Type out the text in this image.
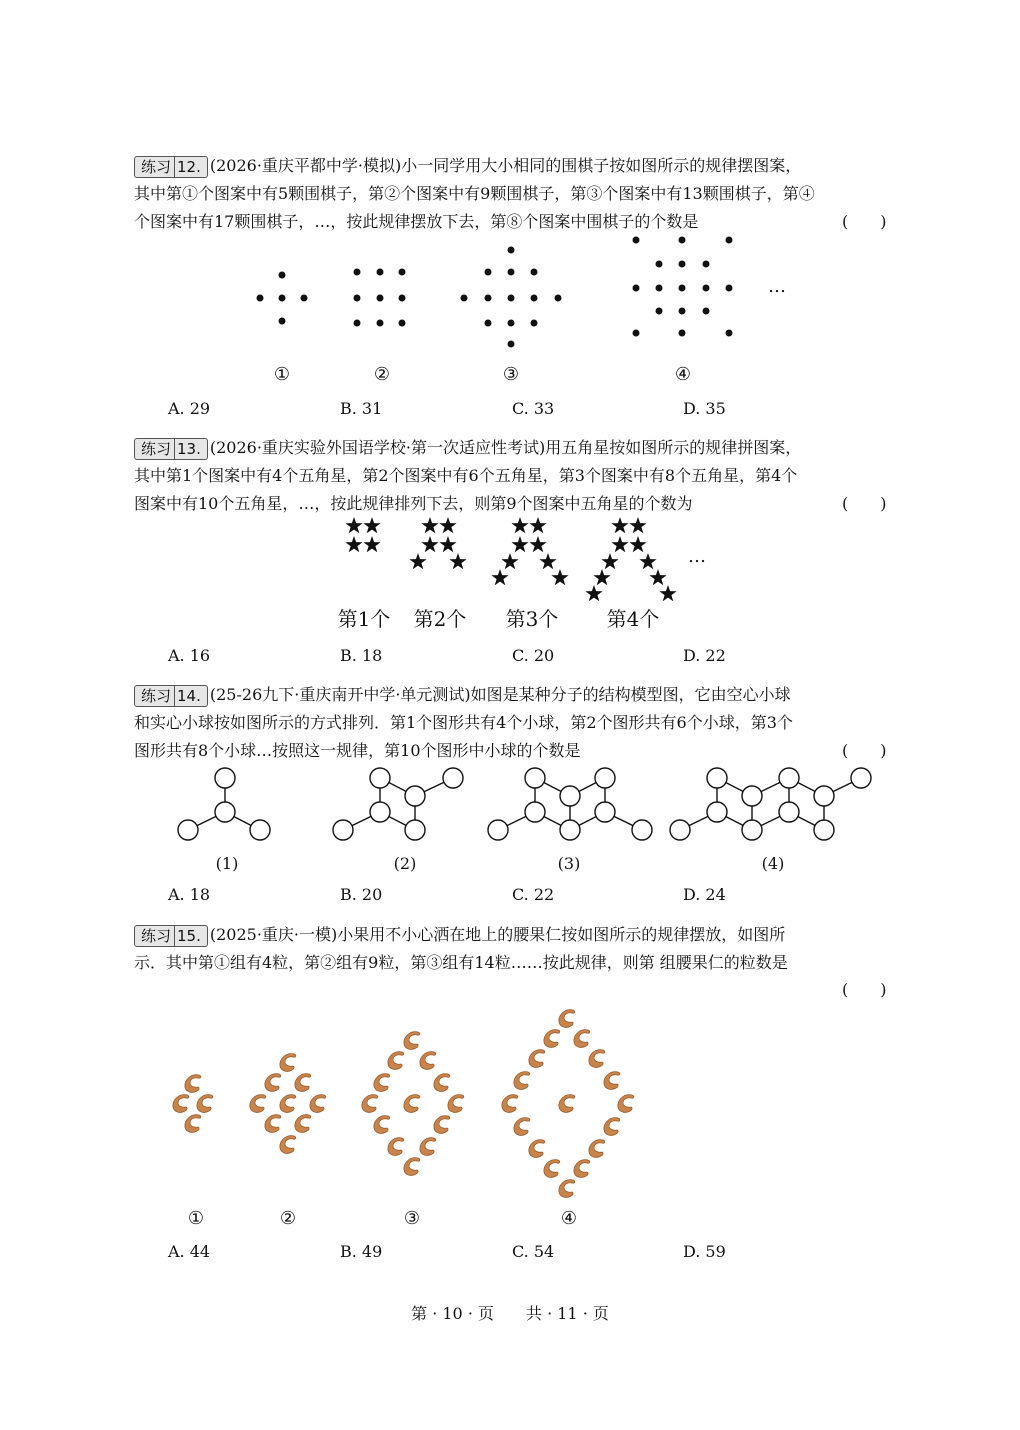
练习 12. (2026·重庆平都中学·模拟)小一同学用大小相同的围棋子按如图所示的规律摆图案，
其中第①个图案中有5颗围棋子，第②个图案中有9颗围棋子，第③个图案中有13颗围棋子，第④
个图案中有17颗围棋子，…，按此规律摆放下去，第⑧个图案中围棋子的个数是	(　　)
…
①	②	③	④
A. 29	B. 31	C. 33	D. 35
练习 13. (2026·重庆实验外国语学校·第一次适应性考试)用五角星按如图所示的规律拼图案，
其中第1个图案中有4个五角星，第2个图案中有6个五角星，第3个图案中有8个五角星，第4个
图案中有10个五角星，…，按此规律排列下去，则第9个图案中五角星的个数为	(　　)
…
第1个 第2个 第3个 第4个
A. 16	B. 18	C. 20	D. 22
练习 14. (25-26九下·重庆南开中学·单元测试)如图是某种分子的结构模型图，它由空心小球
和实心小球按如图所示的方式排列．第1个图形共有4个小球，第2个图形共有6个小球，第3个
图形共有8个小球…按照这一规律，第10个图形中小球的个数是	(　　)
(1)	(2)	(3)	(4)
A. 18	B. 20	C. 22	D. 24
练习 15. (2025·重庆·一模)小果用不小心洒在地上的腰果仁按如图所示的规律摆放，如图所
示．其中第①组有4粒，第②组有9粒，第③组有14粒……按此规律，则第 组腰果仁的粒数是
(　　)
①	②	③	④
A. 44	B. 49	C. 54	D. 59
第 · 10 · 页　　共 · 11 · 页
